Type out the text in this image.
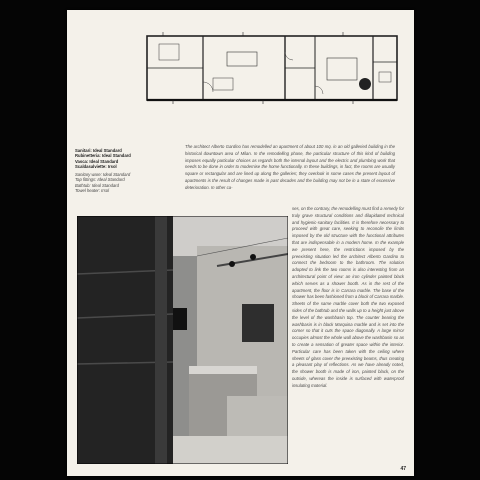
Sanitari: Ideal Standard
Rubinetteria: Ideal Standard
Vasca: Ideal Standard
Scaldasalviette: Irsol
Sanitary ware: Ideal Standard
Tap fittings: Ideal Standard
Bathtub: Ideal Standard
Towel heater: Irsol

The architect Alberto Gardino has remodelled an apartment of about 100 mq. in an old galleried building in the historical downtown area of Milan. In the remodelling phase, the particular structure of this kind of building imposes equally particular choices as regards both the internal layout and the electric and plumbing work that needs to be done in order to modernise the home functionally. In these buildings, in fact, the rooms are usually square or rectangular and are lined up along the galleries; they overlook in some cases the present layout of apartments is the result of changes made in past decades and the building may not be in a state of excessive deterioration. In other ca-

ses, on the contrary, the remodelling must find a remedy for truly grave structural conditions and dilapidated technical and hygienic-sanitary facilities. It is therefore necessary to proceed with great care, seeking to reconcile the limits imposed by the old structure with the functional attributes that are indispensable in a modern home. In the example we present here, the restrictions imposed by the preexisting situation led the architect Alberto Gardino to connect the bedroom to the bathroom. The solution adopted to link the two rooms is also interesting from an architectural point of view: an iron cylinder painted black which serves as a shower booth. As in the rest of the apartment, the floor is in Carrara marble. The base of the shower has been fashioned from a block of Carrara marble. Sheets of the same marble cover both the two exposed sides of the bathtub and the walls up to a height just above the level of the washbasin top. The counter bearing the washbasin is in black Marquina marble and is set into the corner so that it cuts the space diagonally. A large mirror occupies almost the whole wall above the washbasin so as to create a sensation of greater space within the interior. Particular care has been taken with the ceiling where sheets of glass cover the preexisting beams, thus creating a pleasant play of reflections. As we have already noted, the shower booth is made of iron, painted black, on the outside, whereas the inside is surfaced with waterproof insulating material.

47
